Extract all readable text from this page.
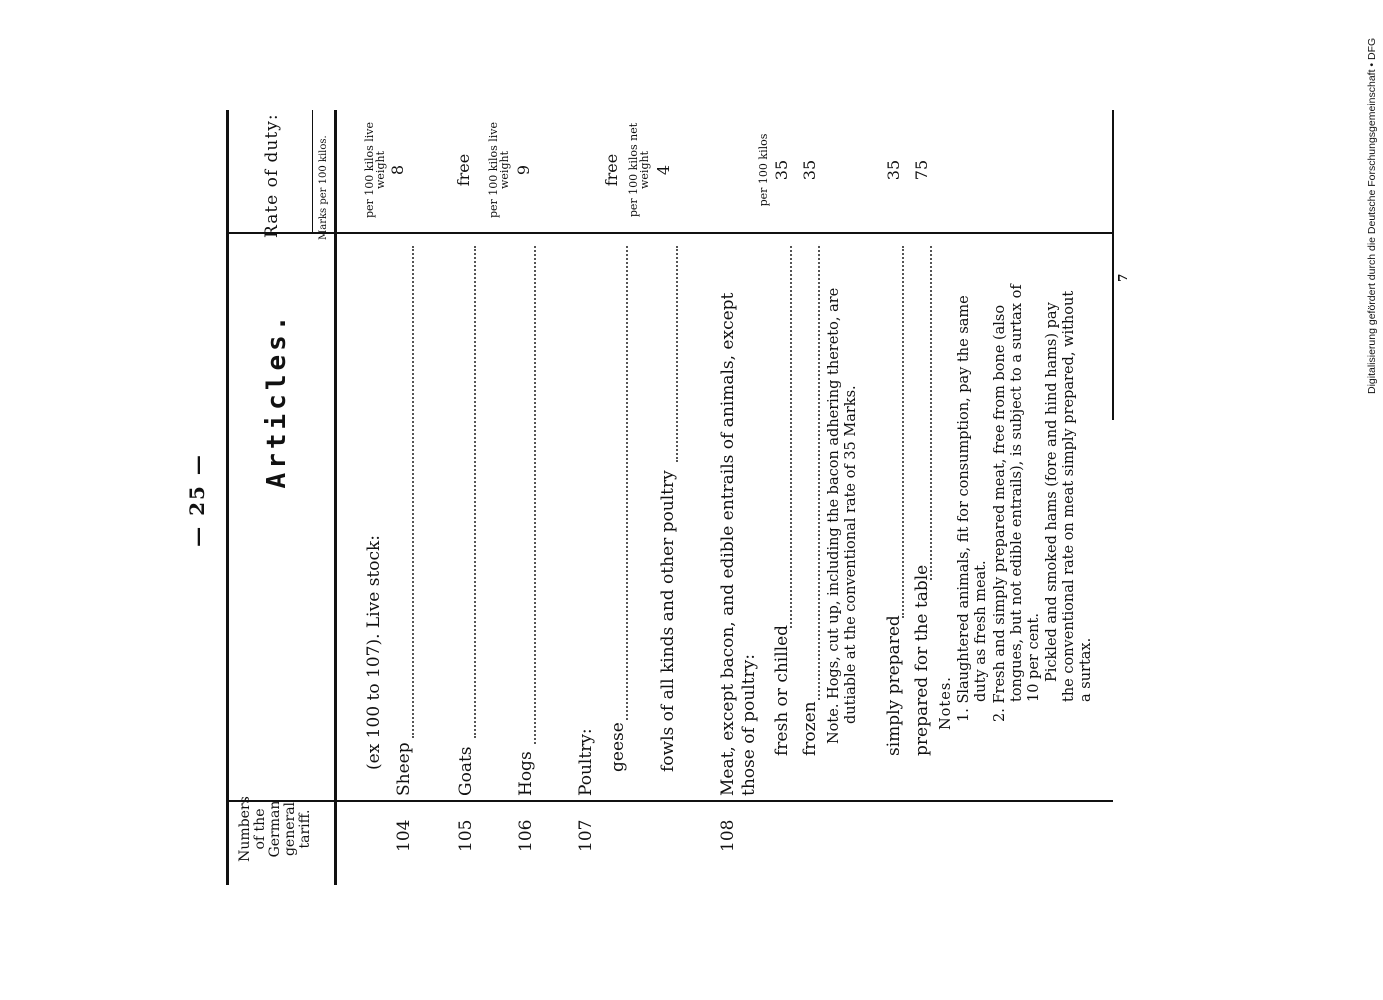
— 25 —
Numbers of the German general tariff.
Articles.
Rate of duty:	Marks per 100 kilos.
(ex 100 to 107). Live stock:
104
Sheep
per 100 kilos live weight 8
105
Goats
free
106
Hogs
per 100 kilos live weight 9
107
Poultry: geese
free
fowls of all kinds and other poultry
per 100 kilos net weight 4
108
Meat, except bacon, and edible entrails of animals, except those of poultry: fresh or chilled
per 100 kilos 35
frozen
35
Note. Hogs, cut up, including the bacon adhering thereto, are dutiable at the conventional rate of 35 Marks. simply prepared
35
prepared for the table
75
Notes. 1. Slaughtered animals, fit for consumption, pay the same duty as fresh meat.
2. Fresh and simply prepared meat, free from bone (also tongues, but not edible entrails), is subject to a surtax of 10 per cent. Pickled and smoked hams (fore and hind hams) pay the conventional rate on meat simply prepared, without a surtax.
7	Digitalisierung gefördert durch die Deutsche Forschungsgemeinschaft • DFG
